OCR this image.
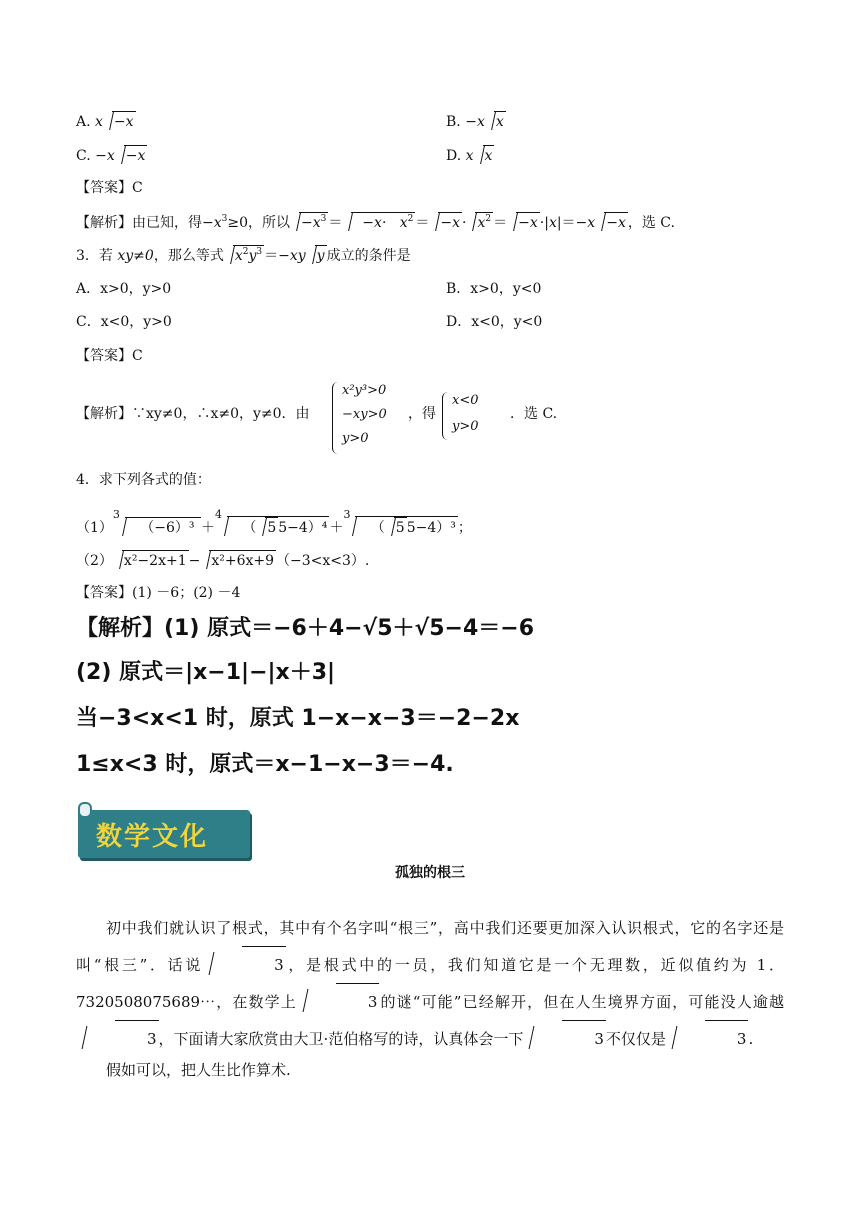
A. x −x	B. −x x
C. −x −x	D. x x
【答案】C
【解析】由已知，得$-x^3\ge 0$，所以 $-x^3 = -x\cdot x^2 = -x \cdot x^2 = -x \cdot|x|=-x -x$ ，选 C.
3．若 xy≠0，那么等式 $x^2y^3 =-xy$ y 成立的条件是
A．x>0，y>0	B．x>0，y<0
C．x<0，y>0	D．x<0，y<0
【答案】C
【解析】∵xy≠0，∴x≠0，y≠0．由
x²y³>0
−xy>0
y>0
，得
x<0
y>0
．选 C.
4．求下列各式的值：
$(1)^3$   （−6）³ ＋$^4$   （ 5 5−4）⁴ ＋$^3$   （ 5 5−4）³ ；
（2） x²−2x+1 − x²+6x+9 （−3<x<3）.
【答案】(1) －6；(2) －4
【解析】(1) 原式＝−6＋4−√5＋√5−4＝−6
(2) 原式＝|x−1|−|x＋3|
当−3<x<1 时，原式 1−x−x−3＝−2−2x
1≤x<3 时，原式＝x−1−x−3＝−4.
数学文化
孤独的根三
初中我们就认识了根式，其中有个名字叫“根三”，高中我们还要更加深入认识根式，它的名字还是叫“根三”．话说	3 ，是根式中的一员，我们知道它是一个无理数，近似值约为 1．7320508075689⋯，在数学上	3 的谜“可能”已经解开，但在人生境界方面，可能没人逾越3 ，下面请大家欣赏由大卫·范伯格写的诗，认真体会一下	3 不仅仅是	3 .
假如可以，把人生比作算术.
